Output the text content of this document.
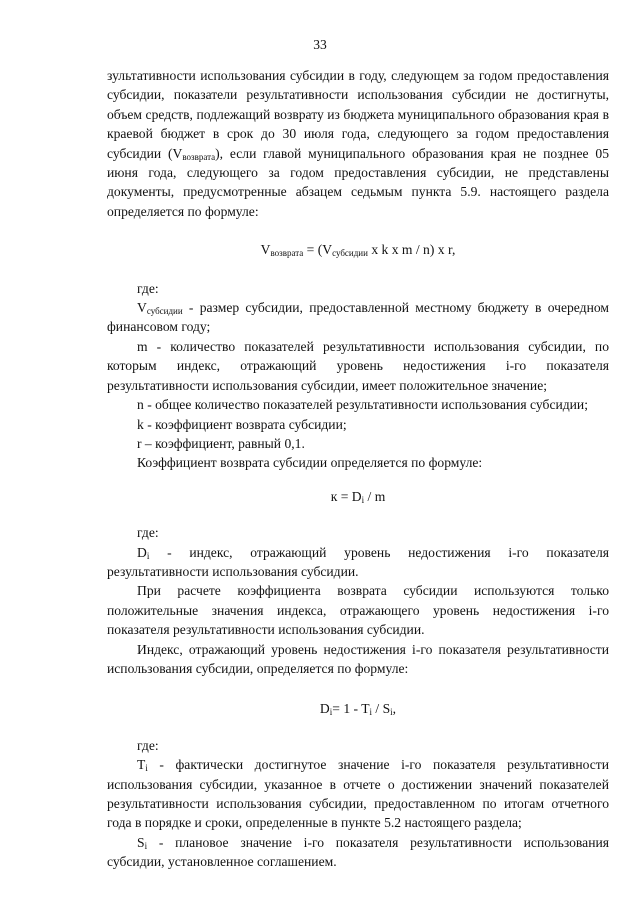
33

зультативности использования субсидии в году, следующем за годом предоставления субсидии, показатели результативности использования субсидии не достигнуты, объем средств, подлежащий возврату из бюджета муниципального образования края в краевой бюджет в срок до 30 июля года, следующего за годом предоставления субсидии $(V_{возврата})$, если главой муниципального образования края не позднее 05 июня года, следующего за годом предоставления субсидии, не представлены документы, предусмотренные абзацем седьмым пункта 5.9. настоящего раздела определяется по формуле:

$V_{возврата} = (V_{субсидии}$ x k x m / n) x r,

где:

$V_{субсидии}$ - размер субсидии, предоставленной местному бюджету в очередном финансовом году;

m - количество показателей результативности использования субсидии, по которым индекс, отражающий уровень недостижения i-го показателя результативности использования субсидии, имеет положительное значение;

n - общее количество показателей результативности использования субсидии;

k - коэффициент возврата субсидии;

r – коэффициент, равный 0,1.

Коэффициент возврата субсидии определяется по формуле:

$к = D_i / m$

где:

$D_i$ - индекс, отражающий уровень недостижения i-го показателя результативности использования субсидии.

При расчете коэффициента возврата субсидии используются только положительные значения индекса, отражающего уровень недостижения i-го показателя результативности использования субсидии.

Индекс, отражающий уровень недостижения i-го показателя результативности использования субсидии, определяется по формуле:

$D_i= 1 - T_i / S_i$,

где:

$T_i$ - фактически достигнутое значение i-го показателя результативности использования субсидии, указанное в отчете о достижении значений показателей результативности использования субсидии, предоставленном по итогам отчетного года в порядке и сроки, определенные в пункте 5.2 настоящего раздела;

$S_i$ - плановое значение i-го показателя результативности использования субсидии, установленное соглашением.
